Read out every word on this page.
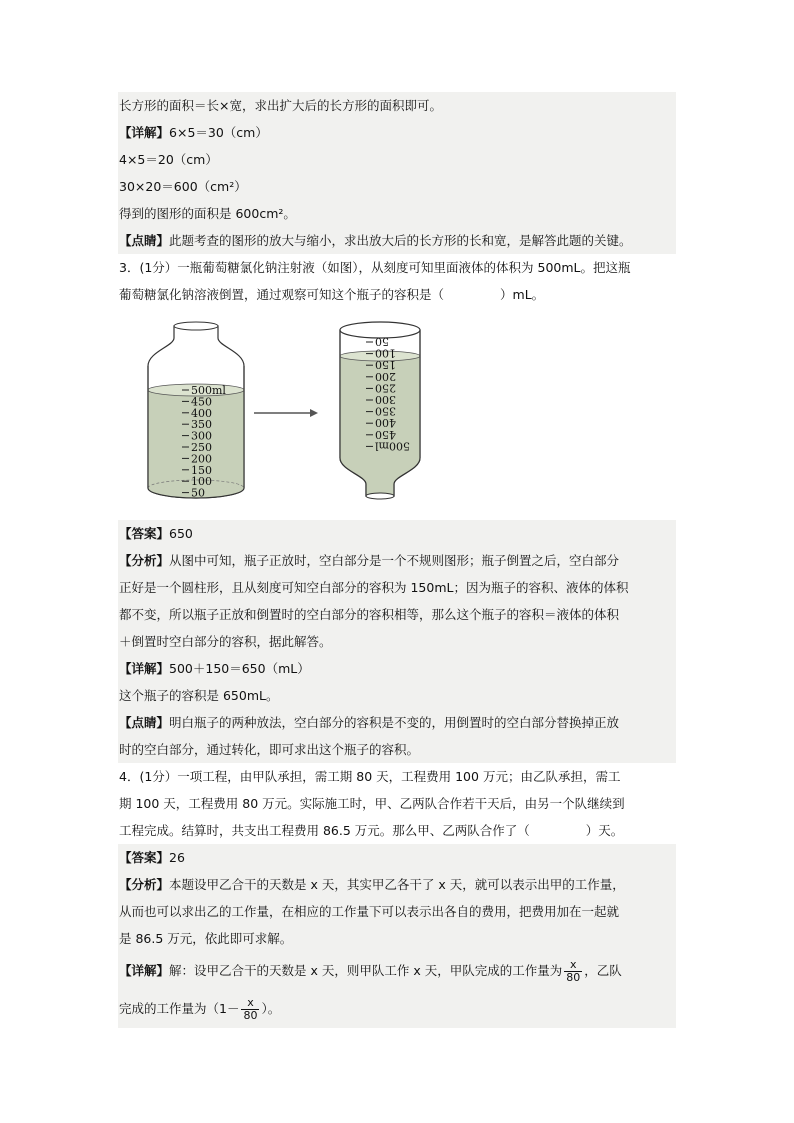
长方形的面积＝长×宽，求出扩大后的长方形的面积即可。
【详解】6×5＝30（cm）
4×5＝20（cm）
30×20＝600（cm²）
得到的图形的面积是 600cm²。
【点睛】此题考查的图形的放大与缩小，求出放大后的长方形的长和宽，是解答此题的关键。
3．(1分）一瓶葡萄糖氯化钠注射液（如图），从刻度可知里面液体的体积为 500mL。把这瓶
葡萄糖氯化钠溶液倒置，通过观察可知这个瓶子的容积是（	）mL。
500ml
450
400
350
300
250
200
150
100
50
50
100
150
200
250
300
350
400
450
500ml
【答案】650
【分析】从图中可知，瓶子正放时，空白部分是一个不规则图形；瓶子倒置之后，空白部分
正好是一个圆柱形，且从刻度可知空白部分的容积为 150mL；因为瓶子的容积、液体的体积
都不变，所以瓶子正放和倒置时的空白部分的容积相等，那么这个瓶子的容积＝液体的体积
＋倒置时空白部分的容积，据此解答。
【详解】500＋150＝650（mL）
这个瓶子的容积是 650mL。
【点睛】明白瓶子的两种放法，空白部分的容积是不变的，用倒置时的空白部分替换掉正放
时的空白部分，通过转化，即可求出这个瓶子的容积。
4．(1分）一项工程，由甲队承担，需工期 80 天，工程费用 100 万元；由乙队承担，需工
期 100 天，工程费用 80 万元。实际施工时，甲、乙两队合作若干天后，由另一个队继续到
工程完成。结算时，共支出工程费用 86.5 万元。那么甲、乙两队合作了（	）天。
【答案】26
【分析】本题设甲乙合干的天数是 x 天，其实甲乙各干了 x 天，就可以表示出甲的工作量，
从而也可以求出乙的工作量，在相应的工作量下可以表示出各自的费用，把费用加在一起就
是 86.5 万元，依此即可求解。
【详解】解：设甲乙合干的天数是 x 天，则甲队工作 x 天，甲队完成的工作量为 $\frac{x}{80}$ ，乙队
完成的工作量为（$1- \frac{x}{80}$ ）。
